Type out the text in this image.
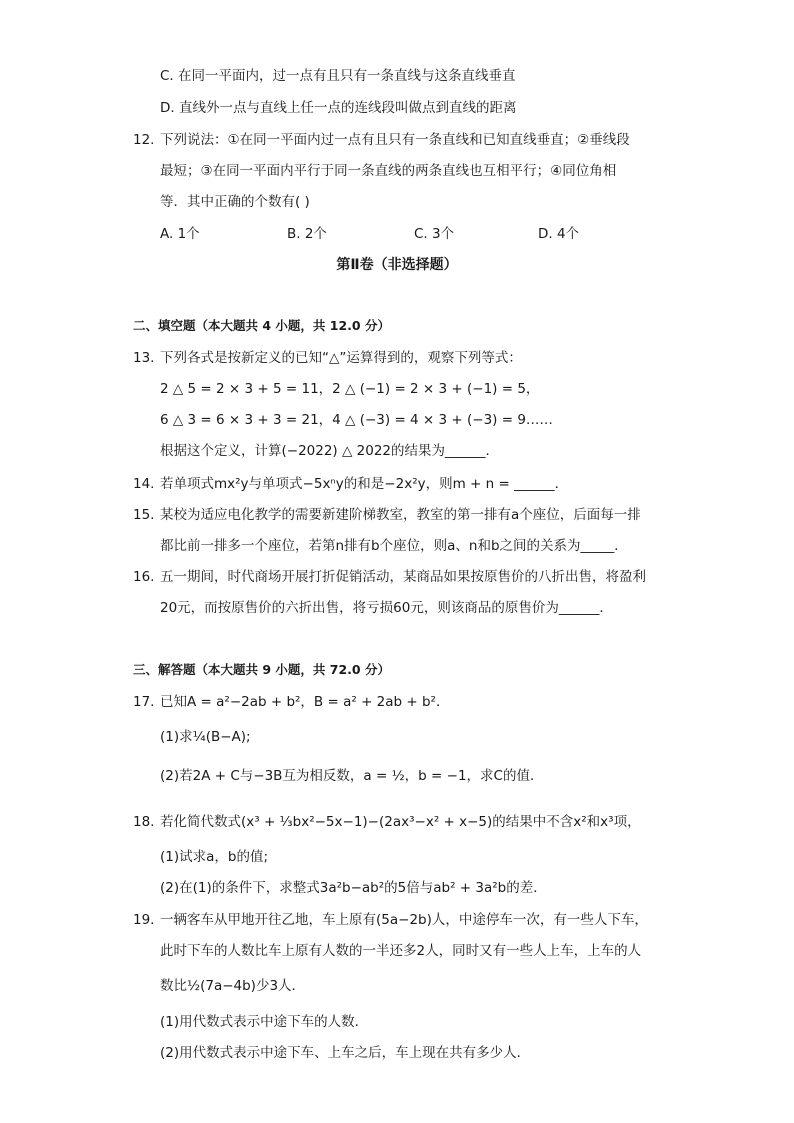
C. 在同一平面内，过一点有且只有一条直线与这条直线垂直
D. 直线外一点与直线上任一点的连线段叫做点到直线的距离
12. 下列说法：①在同一平面内过一点有且只有一条直线和已知直线垂直；②垂线段
最短；③在同一平面内平行于同一条直线的两条直线也互相平行；④同位角相
等．其中正确的个数有( )
A. 1个	B. 2个	C. 3个	D. 4个
第Ⅱ卷（非选择题）
二、填空题（本大题共 4 小题，共 12.0 分）
13. 下列各式是按新定义的已知“△”运算得到的，观察下列等式：
2 △ 5 = 2 × 3 + 5 = 11，2 △ (−1) = 2 × 3 + (−1) = 5，
6 △ 3 = 6 × 3 + 3 = 21，4 △ (−3) = 4 × 3 + (−3) = 9……
根据这个定义，计算(−2022) △ 2022的结果为______．
14. 若单项式mx²y与单项式−5xⁿy的和是−2x²y，则m + n = ______．
15. 某校为适应电化教学的需要新建阶梯教室，教室的第一排有a个座位，后面每一排
都比前一排多一个座位，若第n排有b个座位，则a、n和b之间的关系为_____．
16. 五一期间，时代商场开展打折促销活动，某商品如果按原售价的八折出售，将盈利
20元，而按原售价的六折出售，将亏损60元，则该商品的原售价为______．
三、解答题（本大题共 9 小题，共 72.0 分）
17. 已知A = a²−2ab + b²，B = a² + 2ab + b²．
(1)求¼(B−A);
(2)若2A + C与−3B互为相反数，a = ½，b = −1，求C的值．
18. 若化简代数式(x³ + ⅓bx²−5x−1)−(2ax³−x² + x−5)的结果中不含x²和x³项，
(1)试求a，b的值;
(2)在(1)的条件下，求整式3a²b−ab²的5倍与ab² + 3a²b的差．
19. 一辆客车从甲地开往乙地，车上原有(5a−2b)人，中途停车一次，有一些人下车，
此时下车的人数比车上原有人数的一半还多2人，同时又有一些人上车，上车的人
数比½(7a−4b)少3人．
(1)用代数式表示中途下车的人数．
(2)用代数式表示中途下车、上车之后，车上现在共有多少人．
